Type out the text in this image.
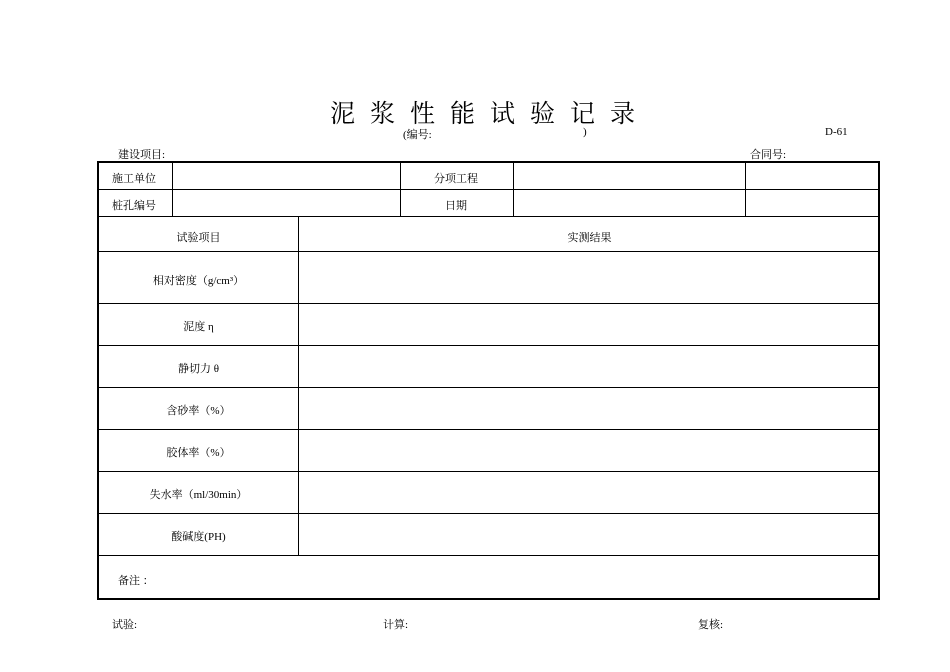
泥浆性能试验记录
(编号:	)	D-61
建设项目:	合同号:
施工单位	分项工程
桩孔编号	日期
试验项目	实测结果
相对密度（g/cm³）
泥度 η
静切力 θ
含砂率（%）
胶体率（%）
失水率（ml/30min）
酸碱度(PH)
备注 ：
试验:	计算:	复核:
